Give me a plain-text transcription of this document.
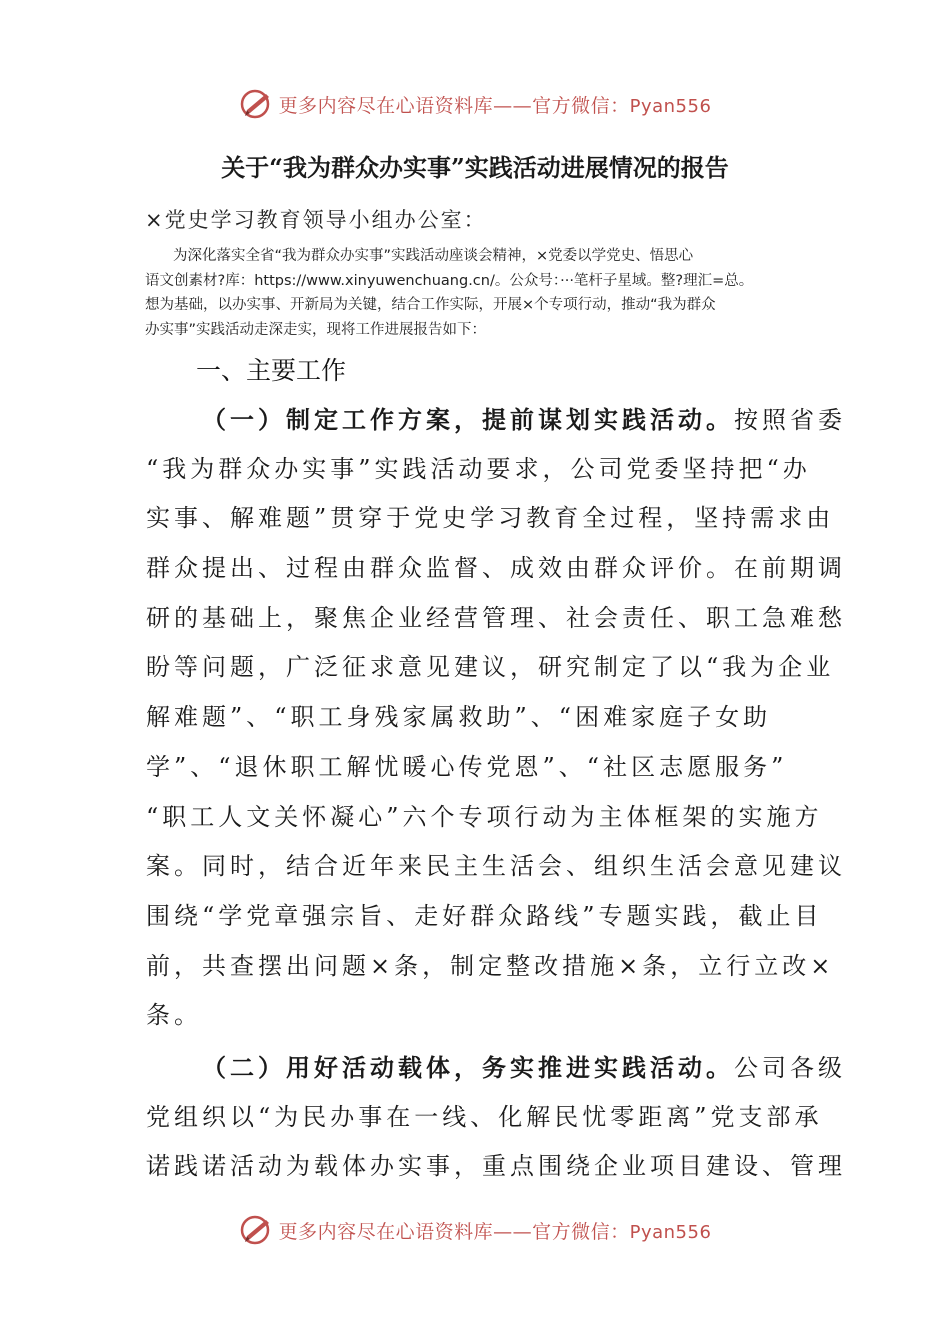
更多内容尽在心语资料库——官方微信：Pyan556
关于“我为群众办实事”实践活动进展情况的报告
×党史学习教育领导小组办公室：
为深化落实全省“我为群众办实事”实践活动座谈会精神，×党委以学党史、悟思心
语文创素材?库：https://www.xinyuwenchuang.cn/。公众号：···笔杆子星域。整?理汇=总。
想为基础，以办实事、开新局为关键，结合工作实际，开展×个专项行动，推动“我为群众
办实事”实践活动走深走实，现将工作进展报告如下：
一、主要工作
（一）制定工作方案，提前谋划实践活动。按照省委
“我为群众办实事”实践活动要求，公司党委坚持把“办
实事、解难题”贯穿于党史学习教育全过程，坚持需求由
群众提出、过程由群众监督、成效由群众评价。在前期调
研的基础上，聚焦企业经营管理、社会责任、职工急难愁
盼等问题，广泛征求意见建议，研究制定了以“我为企业
解难题”、“职工身残家属救助”、“困难家庭子女助
学”、“退休职工解忧暖心传党恩”、“社区志愿服务”
“职工人文关怀凝心”六个专项行动为主体框架的实施方
案。同时，结合近年来民主生活会、组织生活会意见建议
围绕“学党章强宗旨、走好群众路线”专题实践，截止目
前，共查摆出问题×条，制定整改措施×条，立行立改×
条。
（二）用好活动载体，务实推进实践活动。公司各级
党组织以“为民办事在一线、化解民忧零距离”党支部承
诺践诺活动为载体办实事，重点围绕企业项目建设、管理
更多内容尽在心语资料库——官方微信：Pyan556
